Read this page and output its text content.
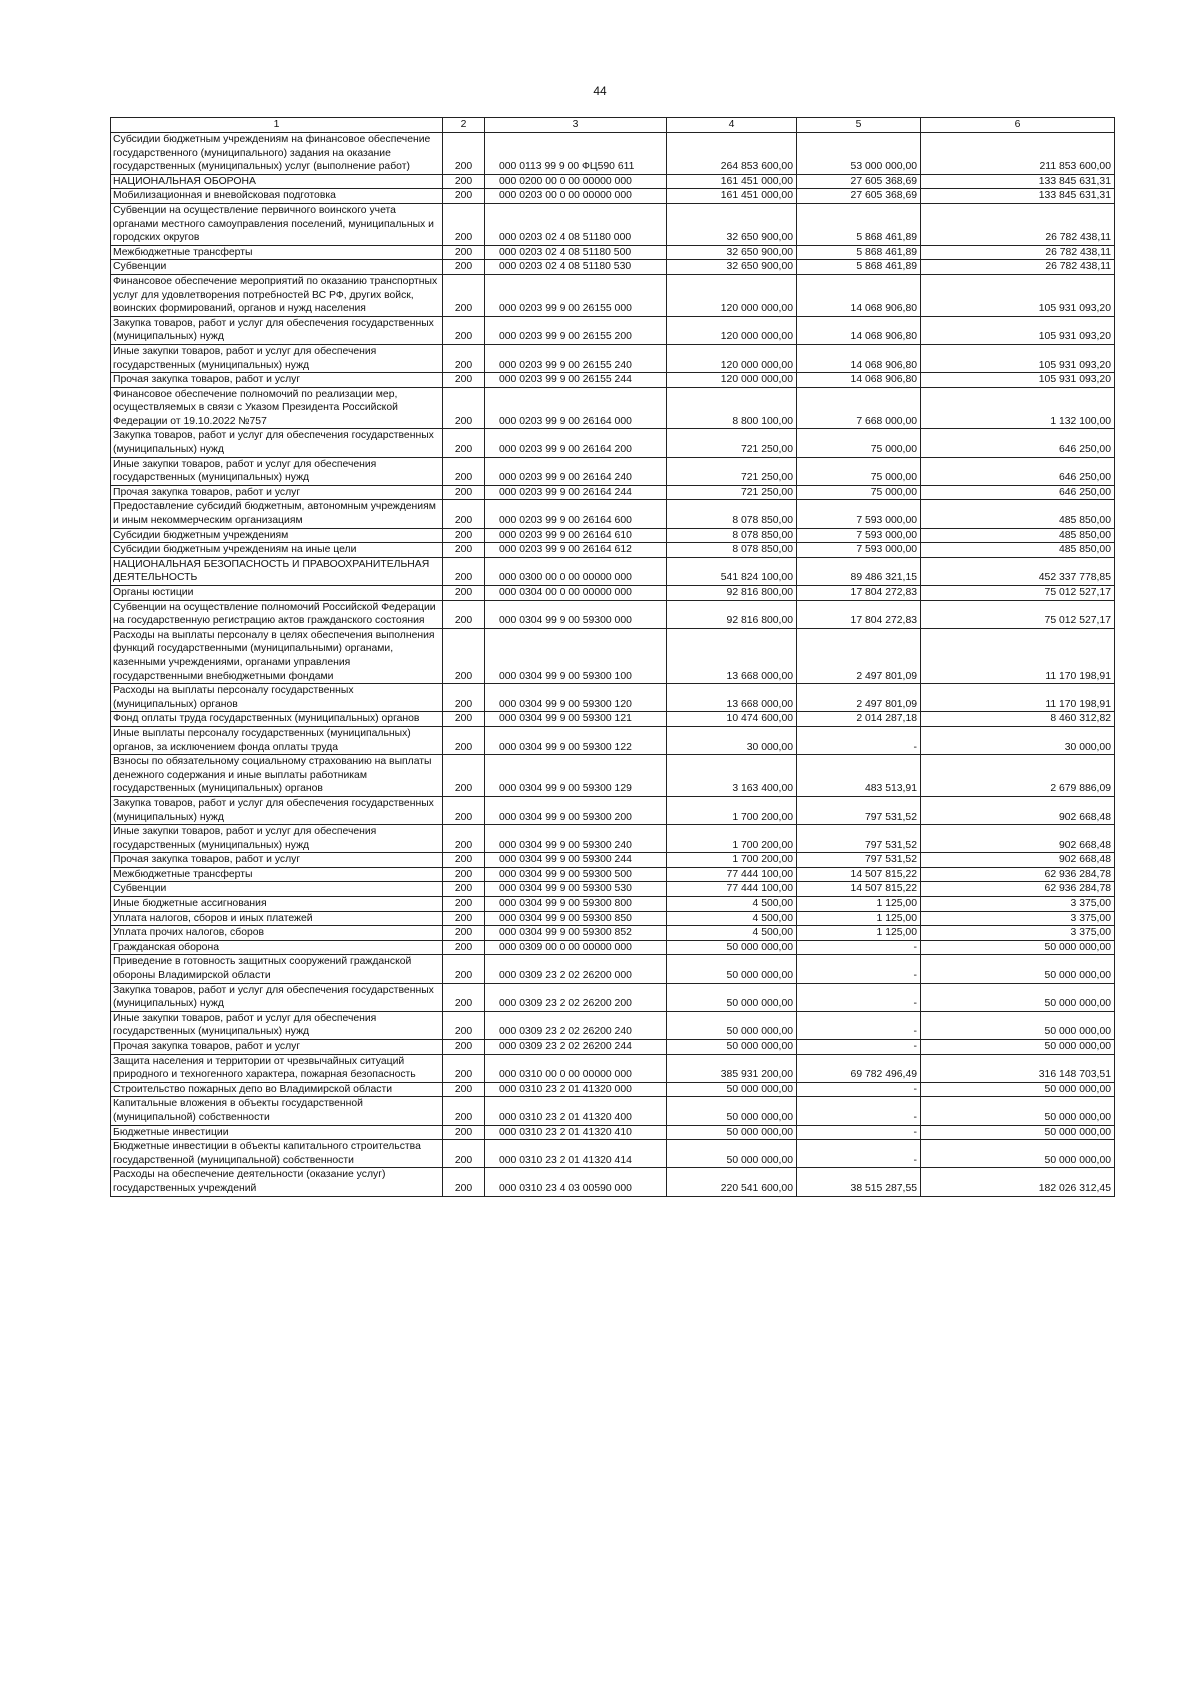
44
1	2	3	4	5	6
Субсидии бюджетным учреждениям на финансовое обеспечение государственного (муниципального) задания на оказание государственных (муниципальных) услуг (выполнение работ)	200	000 0113 99 9 00 ФЦ590 611	264 853 600,00	53 000 000,00	211 853 600,00
НАЦИОНАЛЬНАЯ ОБОРОНА	200	000 0200 00 0 00 00000 000	161 451 000,00	27 605 368,69	133 845 631,31
Мобилизационная и вневойсковая подготовка	200	000 0203 00 0 00 00000 000	161 451 000,00	27 605 368,69	133 845 631,31
Субвенции на осуществление первичного воинского учета органами местного самоуправления поселений, муниципальных и городских округов	200	000 0203 02 4 08 51180 000	32 650 900,00	5 868 461,89	26 782 438,11
Межбюджетные трансферты	200	000 0203 02 4 08 51180 500	32 650 900,00	5 868 461,89	26 782 438,11
Субвенции	200	000 0203 02 4 08 51180 530	32 650 900,00	5 868 461,89	26 782 438,11
Финансовое обеспечение мероприятий по оказанию транспортных услуг для удовлетворения потребностей ВС РФ, других войск, воинских формирований, органов и нужд населения	200	000 0203 99 9 00 26155 000	120 000 000,00	14 068 906,80	105 931 093,20
Закупка товаров, работ и услуг для обеспечения государственных (муниципальных) нужд	200	000 0203 99 9 00 26155 200	120 000 000,00	14 068 906,80	105 931 093,20
Иные закупки товаров, работ и услуг для обеспечения государственных (муниципальных) нужд	200	000 0203 99 9 00 26155 240	120 000 000,00	14 068 906,80	105 931 093,20
Прочая закупка товаров, работ и услуг	200	000 0203 99 9 00 26155 244	120 000 000,00	14 068 906,80	105 931 093,20
Финансовое обеспечение полномочий по реализации мер, осуществляемых в связи с Указом Президента Российской Федерации от 19.10.2022 №757	200	000 0203 99 9 00 26164 000	8 800 100,00	7 668 000,00	1 132 100,00
Закупка товаров, работ и услуг для обеспечения государственных (муниципальных) нужд	200	000 0203 99 9 00 26164 200	721 250,00	75 000,00	646 250,00
Иные закупки товаров, работ и услуг для обеспечения государственных (муниципальных) нужд	200	000 0203 99 9 00 26164 240	721 250,00	75 000,00	646 250,00
Прочая закупка товаров, работ и услуг	200	000 0203 99 9 00 26164 244	721 250,00	75 000,00	646 250,00
Предоставление субсидий бюджетным, автономным учреждениям и иным некоммерческим организациям	200	000 0203 99 9 00 26164 600	8 078 850,00	7 593 000,00	485 850,00
Субсидии бюджетным учреждениям	200	000 0203 99 9 00 26164 610	8 078 850,00	7 593 000,00	485 850,00
Субсидии бюджетным учреждениям на иные цели	200	000 0203 99 9 00 26164 612	8 078 850,00	7 593 000,00	485 850,00
НАЦИОНАЛЬНАЯ БЕЗОПАСНОСТЬ И ПРАВООХРАНИТЕЛЬНАЯ ДЕЯТЕЛЬНОСТЬ	200	000 0300 00 0 00 00000 000	541 824 100,00	89 486 321,15	452 337 778,85
Органы юстиции	200	000 0304 00 0 00 00000 000	92 816 800,00	17 804 272,83	75 012 527,17
Субвенции на осуществление полномочий Российской Федерации на государственную регистрацию актов гражданского состояния	200	000 0304 99 9 00 59300 000	92 816 800,00	17 804 272,83	75 012 527,17
Расходы на выплаты персоналу в целях обеспечения выполнения функций государственными (муниципальными) органами, казенными учреждениями, органами управления государственными внебюджетными фондами	200	000 0304 99 9 00 59300 100	13 668 000,00	2 497 801,09	11 170 198,91
Расходы на выплаты персоналу государственных (муниципальных) органов	200	000 0304 99 9 00 59300 120	13 668 000,00	2 497 801,09	11 170 198,91
Фонд оплаты труда государственных (муниципальных) органов	200	000 0304 99 9 00 59300 121	10 474 600,00	2 014 287,18	8 460 312,82
Иные выплаты персоналу государственных (муниципальных) органов, за исключением фонда оплаты труда	200	000 0304 99 9 00 59300 122	30 000,00	-	30 000,00
Взносы по обязательному социальному страхованию на выплаты денежного содержания и иные выплаты работникам государственных (муниципальных) органов	200	000 0304 99 9 00 59300 129	3 163 400,00	483 513,91	2 679 886,09
Закупка товаров, работ и услуг для обеспечения государственных (муниципальных) нужд	200	000 0304 99 9 00 59300 200	1 700 200,00	797 531,52	902 668,48
Иные закупки товаров, работ и услуг для обеспечения государственных (муниципальных) нужд	200	000 0304 99 9 00 59300 240	1 700 200,00	797 531,52	902 668,48
Прочая закупка товаров, работ и услуг	200	000 0304 99 9 00 59300 244	1 700 200,00	797 531,52	902 668,48
Межбюджетные трансферты	200	000 0304 99 9 00 59300 500	77 444 100,00	14 507 815,22	62 936 284,78
Субвенции	200	000 0304 99 9 00 59300 530	77 444 100,00	14 507 815,22	62 936 284,78
Иные бюджетные ассигнования	200	000 0304 99 9 00 59300 800	4 500,00	1 125,00	3 375,00
Уплата налогов, сборов и иных платежей	200	000 0304 99 9 00 59300 850	4 500,00	1 125,00	3 375,00
Уплата прочих налогов, сборов	200	000 0304 99 9 00 59300 852	4 500,00	1 125,00	3 375,00
Гражданская оборона	200	000 0309 00 0 00 00000 000	50 000 000,00	-	50 000 000,00
Приведение в готовность защитных сооружений гражданской обороны Владимирской области	200	000 0309 23 2 02 26200 000	50 000 000,00	-	50 000 000,00
Закупка товаров, работ и услуг для обеспечения государственных (муниципальных) нужд	200	000 0309 23 2 02 26200 200	50 000 000,00	-	50 000 000,00
Иные закупки товаров, работ и услуг для обеспечения государственных (муниципальных) нужд	200	000 0309 23 2 02 26200 240	50 000 000,00	-	50 000 000,00
Прочая закупка товаров, работ и услуг	200	000 0309 23 2 02 26200 244	50 000 000,00	-	50 000 000,00
Защита населения и территории от чрезвычайных ситуаций природного и техногенного характера, пожарная безопасность	200	000 0310 00 0 00 00000 000	385 931 200,00	69 782 496,49	316 148 703,51
Строительство пожарных депо во Владимирской области	200	000 0310 23 2 01 41320 000	50 000 000,00	-	50 000 000,00
Капитальные вложения в объекты государственной (муниципальной) собственности	200	000 0310 23 2 01 41320 400	50 000 000,00	-	50 000 000,00
Бюджетные инвестиции	200	000 0310 23 2 01 41320 410	50 000 000,00	-	50 000 000,00
Бюджетные инвестиции в объекты капитального строительства государственной (муниципальной) собственности	200	000 0310 23 2 01 41320 414	50 000 000,00	-	50 000 000,00
Расходы на обеспечение деятельности (оказание услуг) государственных учреждений	200	000 0310 23 4 03 00590 000	220 541 600,00	38 515 287,55	182 026 312,45
